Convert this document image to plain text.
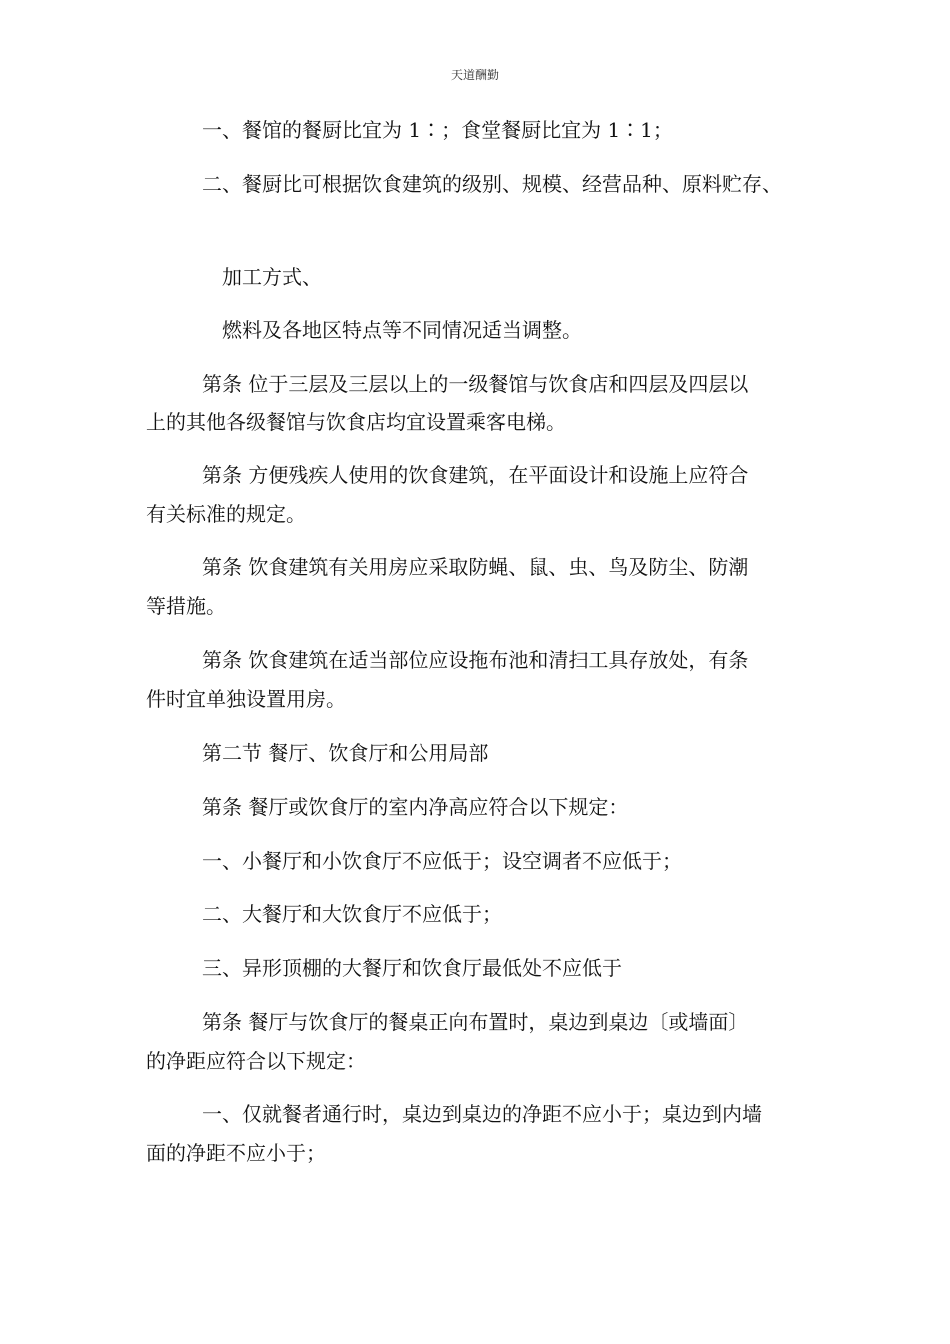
天道酬勤
一、餐馆的餐厨比宜为 1∶；食堂餐厨比宜为 1∶1；
二、餐厨比可根据饮食建筑的级别、规模、经营品种、原料贮存、
加工方式、
燃料及各地区特点等不同情况适当调整。
第条 位于三层及三层以上的一级餐馆与饮食店和四层及四层以
上的其他各级餐馆与饮食店均宜设置乘客电梯。
第条 方便残疾人使用的饮食建筑，在平面设计和设施上应符合
有关标准的规定。
第条 饮食建筑有关用房应采取防蝇、鼠、虫、鸟及防尘、防潮
等措施。
第条 饮食建筑在适当部位应设拖布池和清扫工具存放处，有条
件时宜单独设置用房。
第二节 餐厅、饮食厅和公用局部
第条 餐厅或饮食厅的室内净高应符合以下规定：
一、小餐厅和小饮食厅不应低于；设空调者不应低于；
二、大餐厅和大饮食厅不应低于；
三、异形顶棚的大餐厅和饮食厅最低处不应低于
第条 餐厅与饮食厅的餐桌正向布置时，桌边到桌边〔或墙面〕
的净距应符合以下规定：
一、仅就餐者通行时，桌边到桌边的净距不应小于；桌边到内墙
面的净距不应小于；
